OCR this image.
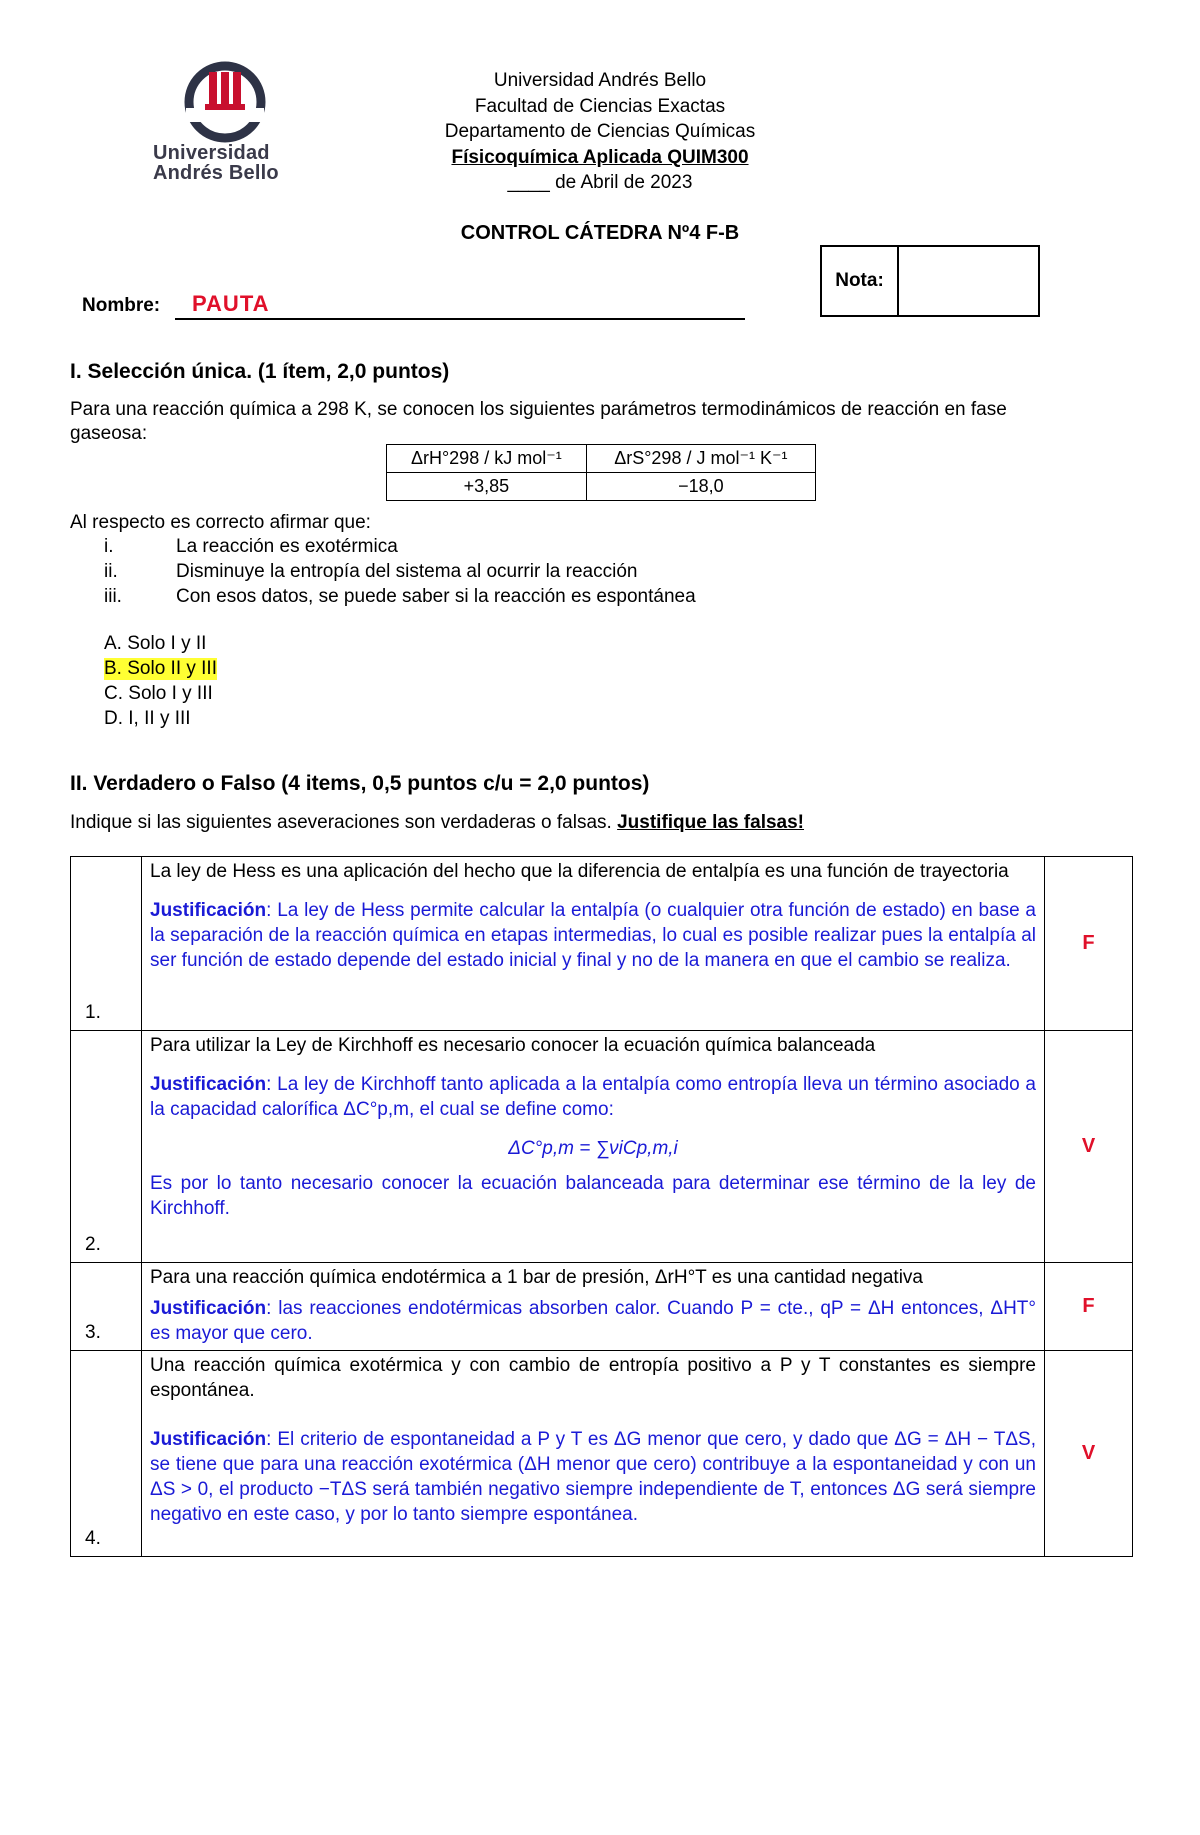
Universidad
Andrés Bello
Universidad Andrés Bello
Facultad de Ciencias Exactas
Departamento de Ciencias Químicas
Físicoquímica Aplicada QUIM300
____ de Abril de 2023
CONTROL CÁTEDRA Nº4 F-B
Nota:
Nombre: PAUTA
I. Selección única. (1 ítem, 2,0 puntos)
Para una reacción química a 298 K, se conocen los siguientes parámetros termodinámicos de reacción en fase
gaseosa:
ΔrH°298 / kJ mol⁻¹	ΔrS°298 / J mol⁻¹ K⁻¹
+3,85	−18,0
Al respecto es correcto afirmar que:
i.	La reacción es exotérmica
ii.	Disminuye la entropía del sistema al ocurrir la reacción
iii.	Con esos datos, se puede saber si la reacción es espontánea
A. Solo I y II
B. Solo II y III
C. Solo I y III
D. I, II y III
II. Verdadero o Falso (4 items, 0,5 puntos c/u = 2,0 puntos)
Indique si las siguientes aseveraciones son verdaderas o falsas. Justifique las falsas!
1.	La ley de Hess es una aplicación del hecho que la diferencia de entalpía es una función de trayectoria
Justificación: La ley de Hess permite calcular la entalpía (o cualquier otra función de estado) en base a la separación de la reacción química en etapas intermedias, lo cual es posible realizar pues la entalpía al ser función de estado depende del estado inicial y final y no de la manera en que el cambio se realiza.	F
2.	Para utilizar la Ley de Kirchhoff es necesario conocer la ecuación química balanceada
Justificación: La ley de Kirchhoff tanto aplicada a la entalpía como entropía lleva un término asociado a la capacidad calorífica ΔC°p,m, el cual se define como:
ΔC°p,m = ∑νiCp,m,i
Es por lo tanto necesario conocer la ecuación balanceada para determinar ese término de la ley de Kirchhoff.	V
3.	Para una reacción química endotérmica a 1 bar de presión, ΔrH°T es una cantidad negativa
Justificación: las reacciones endotérmicas absorben calor. Cuando P = cte., qP = ΔH entonces, ΔHT° es mayor que cero.	F
4.	Una reacción química exotérmica y con cambio de entropía positivo a P y T constantes es siempre espontánea.
Justificación: El criterio de espontaneidad a P y T es ΔG menor que cero, y dado que ΔG = ΔH − TΔS, se tiene que para una reacción exotérmica (ΔH menor que cero) contribuye a la espontaneidad y con un ΔS > 0, el producto −TΔS será también negativo siempre independiente de T, entonces ΔG será siempre negativo en este caso, y por lo tanto siempre espontánea.	V
